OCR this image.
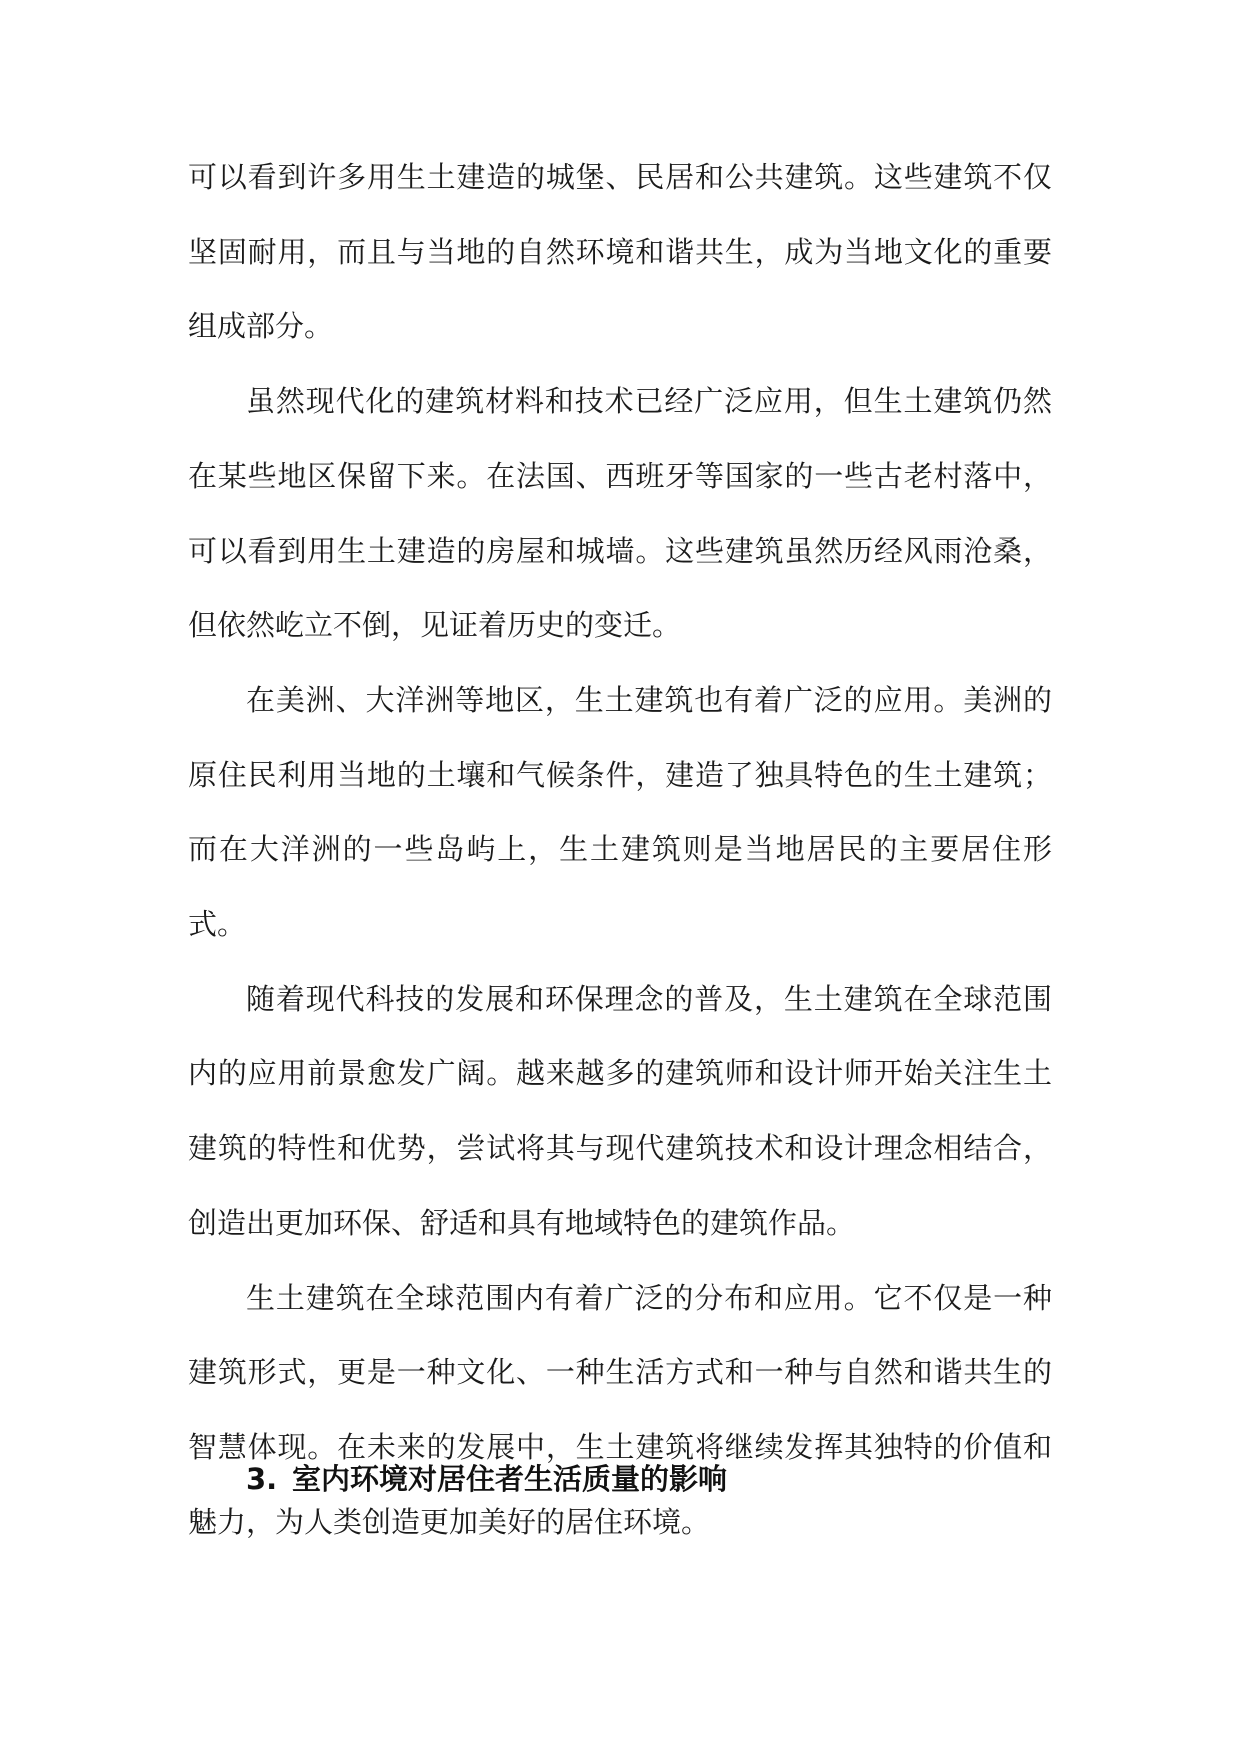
可以看到许多用生土建造的城堡、民居和公共建筑。这些建筑不仅坚固耐用，而且与当地的自然环境和谐共生，成为当地文化的重要组成部分。

虽然现代化的建筑材料和技术已经广泛应用，但生土建筑仍然在某些地区保留下来。在法国、西班牙等国家的一些古老村落中，可以看到用生土建造的房屋和城墙。这些建筑虽然历经风雨沧桑，但依然屹立不倒，见证着历史的变迁。

在美洲、大洋洲等地区，生土建筑也有着广泛的应用。美洲的原住民利用当地的土壤和气候条件，建造了独具特色的生土建筑；而在大洋洲的一些岛屿上，生土建筑则是当地居民的主要居住形式。

随着现代科技的发展和环保理念的普及，生土建筑在全球范围内的应用前景愈发广阔。越来越多的建筑师和设计师开始关注生土建筑的特性和优势，尝试将其与现代建筑技术和设计理念相结合，创造出更加环保、舒适和具有地域特色的建筑作品。

生土建筑在全球范围内有着广泛的分布和应用。它不仅是一种建筑形式，更是一种文化、一种生活方式和一种与自然和谐共生的智慧体现。在未来的发展中，生土建筑将继续发挥其独特的价值和魅力，为人类创造更加美好的居住环境。

3. 室内环境对居住者生活质量的影响
